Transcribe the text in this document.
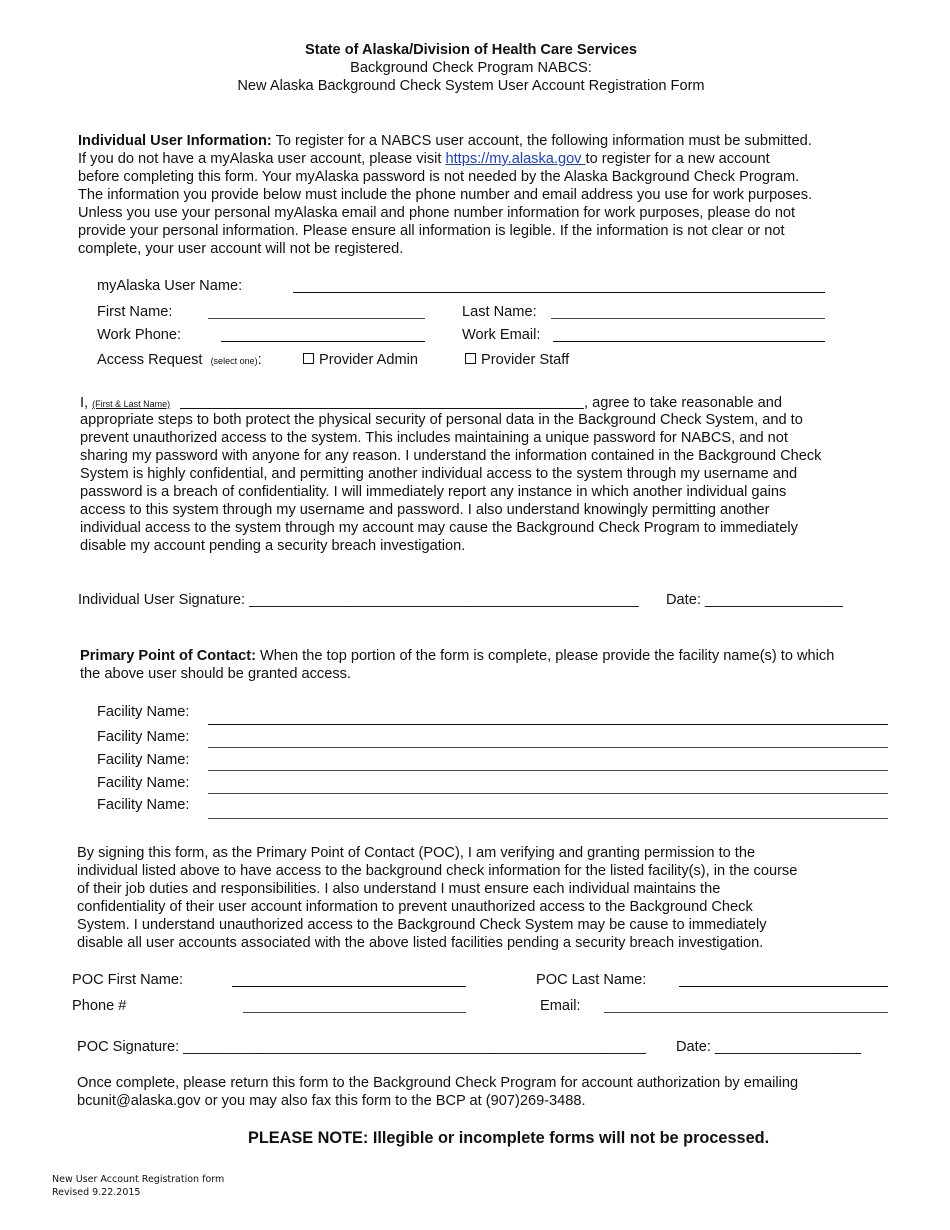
State of Alaska/Division of Health Care Services
Background Check Program NABCS:
New Alaska Background Check System User Account Registration Form
Individual User Information: To register for a NABCS user account, the following information must be submitted.
If you do not have a myAlaska user account, please visit https://my.alaska.gov to register for a new account
before completing this form. Your myAlaska password is not needed by the Alaska Background Check Program.
The information you provide below must include the phone number and email address you use for work purposes.
Unless you use your personal myAlaska email and phone number information for work purposes, please do not
provide your personal information. Please ensure all information is legible. If the information is not clear or not
complete, your user account will not be registered.
myAlaska User Name:
First Name:	Last Name:
Work Phone:	Work Email:
Access Request (select one):	Provider Admin	Provider Staff
I, (First & Last Name)	, agree to take reasonable and
appropriate steps to both protect the physical security of personal data in the Background Check System, and to
prevent unauthorized access to the system. This includes maintaining a unique password for NABCS, and not
sharing my password with anyone for any reason. I understand the information contained in the Background Check
System is highly confidential, and permitting another individual access to the system through my username and
password is a breach of confidentiality. I will immediately report any instance in which another individual gains
access to this system through my username and password. I also understand knowingly permitting another
individual access to the system through my account may cause the Background Check Program to immediately
disable my account pending a security breach investigation.
Individual User Signature: ________________________________________________ Date: _________________
Primary Point of Contact: When the top portion of the form is complete, please provide the facility name(s) to which
the above user should be granted access.
Facility Name:
Facility Name:
Facility Name:
Facility Name:
Facility Name:
By signing this form, as the Primary Point of Contact (POC), I am verifying and granting permission to the
individual listed above to have access to the background check information for the listed facility(s), in the course
of their job duties and responsibilities. I also understand I must ensure each individual maintains the
confidentiality of their user account information to prevent unauthorized access to the Background Check
System. I understand unauthorized access to the Background Check System may be cause to immediately
disable all user accounts associated with the above listed facilities pending a security breach investigation.
POC First Name:	POC Last Name:
Phone #	Email:
POC Signature: _________________________________________________________ Date: __________________
Once complete, please return this form to the Background Check Program for account authorization by emailing
bcunit@alaska.gov or you may also fax this form to the BCP at (907)269-3488.
PLEASE NOTE: Illegible or incomplete forms will not be processed.
New User Account Registration form
Revised 9.22.2015
